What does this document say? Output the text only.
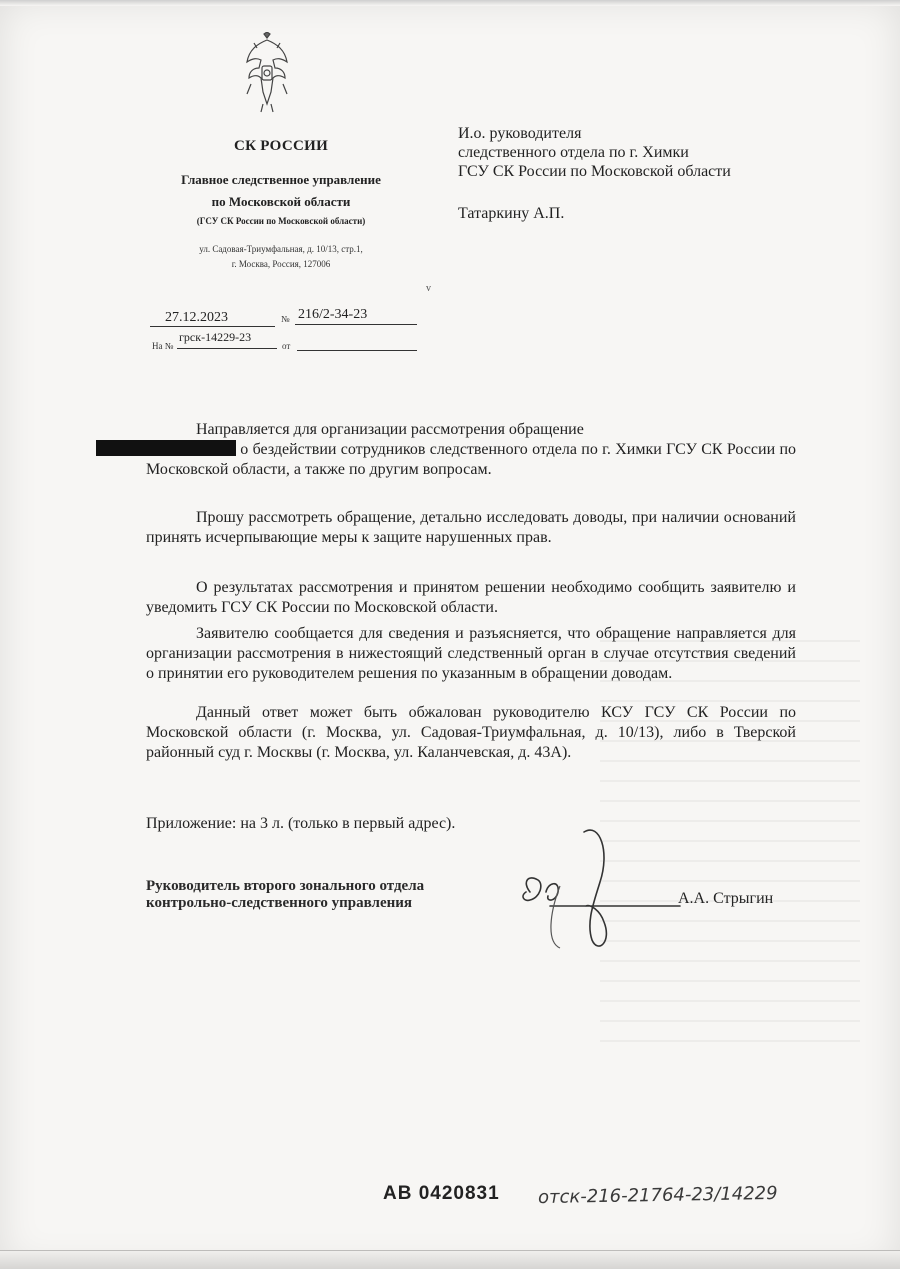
СК РОССИИ
Главное следственное управление
по Московской области
(ГСУ СК России по Московской области)
ул. Садовая-Триумфальная, д. 10/13, стр.1,
г. Москва, Россия, 127006
27.12.2023	№ 216/2-34-23
На №
грск-14229-23
от
v
И.о. руководителя
следственного отдела по г. Химки
ГСУ СК России по Московской области
Татаркину А.П.
Направляется для организации рассмотрения обращение
о бездействии сотрудников следственного отдела по г. Химки ГСУ СК России по Московской области, а также по другим вопросам.
Прошу рассмотреть обращение, детально исследовать доводы, при наличии оснований принять исчерпывающие меры к защите нарушенных прав.
О результатах рассмотрения и принятом решении необходимо сообщить заявителю и уведомить ГСУ СК России по Московской области.
Заявителю сообщается для сведения и разъясняется, что обращение направляется для организации рассмотрения в нижестоящий следственный орган в случае отсутствия сведений о принятии его руководителем решения по указанным в обращении доводам.
Данный ответ может быть обжалован руководителю КСУ ГСУ СК России по Московской области (г. Москва, ул. Садовая-Триумфальная, д. 10/13), либо в Тверской районный суд г. Москвы (г. Москва, ул. Каланчевская, д. 43А).
Приложение: на 3 л. (только в первый адрес).
Руководитель второго зонального отдела
контрольно-следственного управления	А.А. Стрыгин
АВ 0420831 отск-216-21764-23/14229
